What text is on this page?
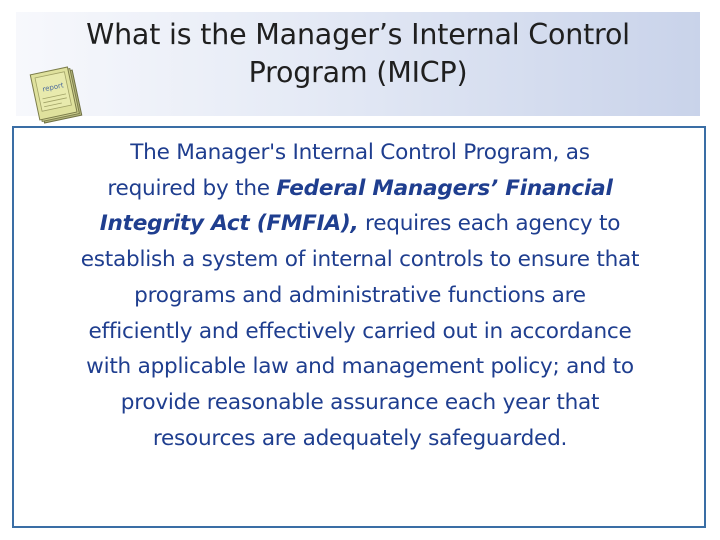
What is the Manager’s Internal Control
Program (MICP)
report

The Manager's Internal Control Program, as
required by the Federal Managers’ Financial
Integrity Act (FMFIA), requires each agency to
establish a system of internal controls to ensure that
programs and administrative functions are
efficiently and effectively carried out in accordance
with applicable law and management policy; and to
provide reasonable assurance each year that
resources are adequately safeguarded.
